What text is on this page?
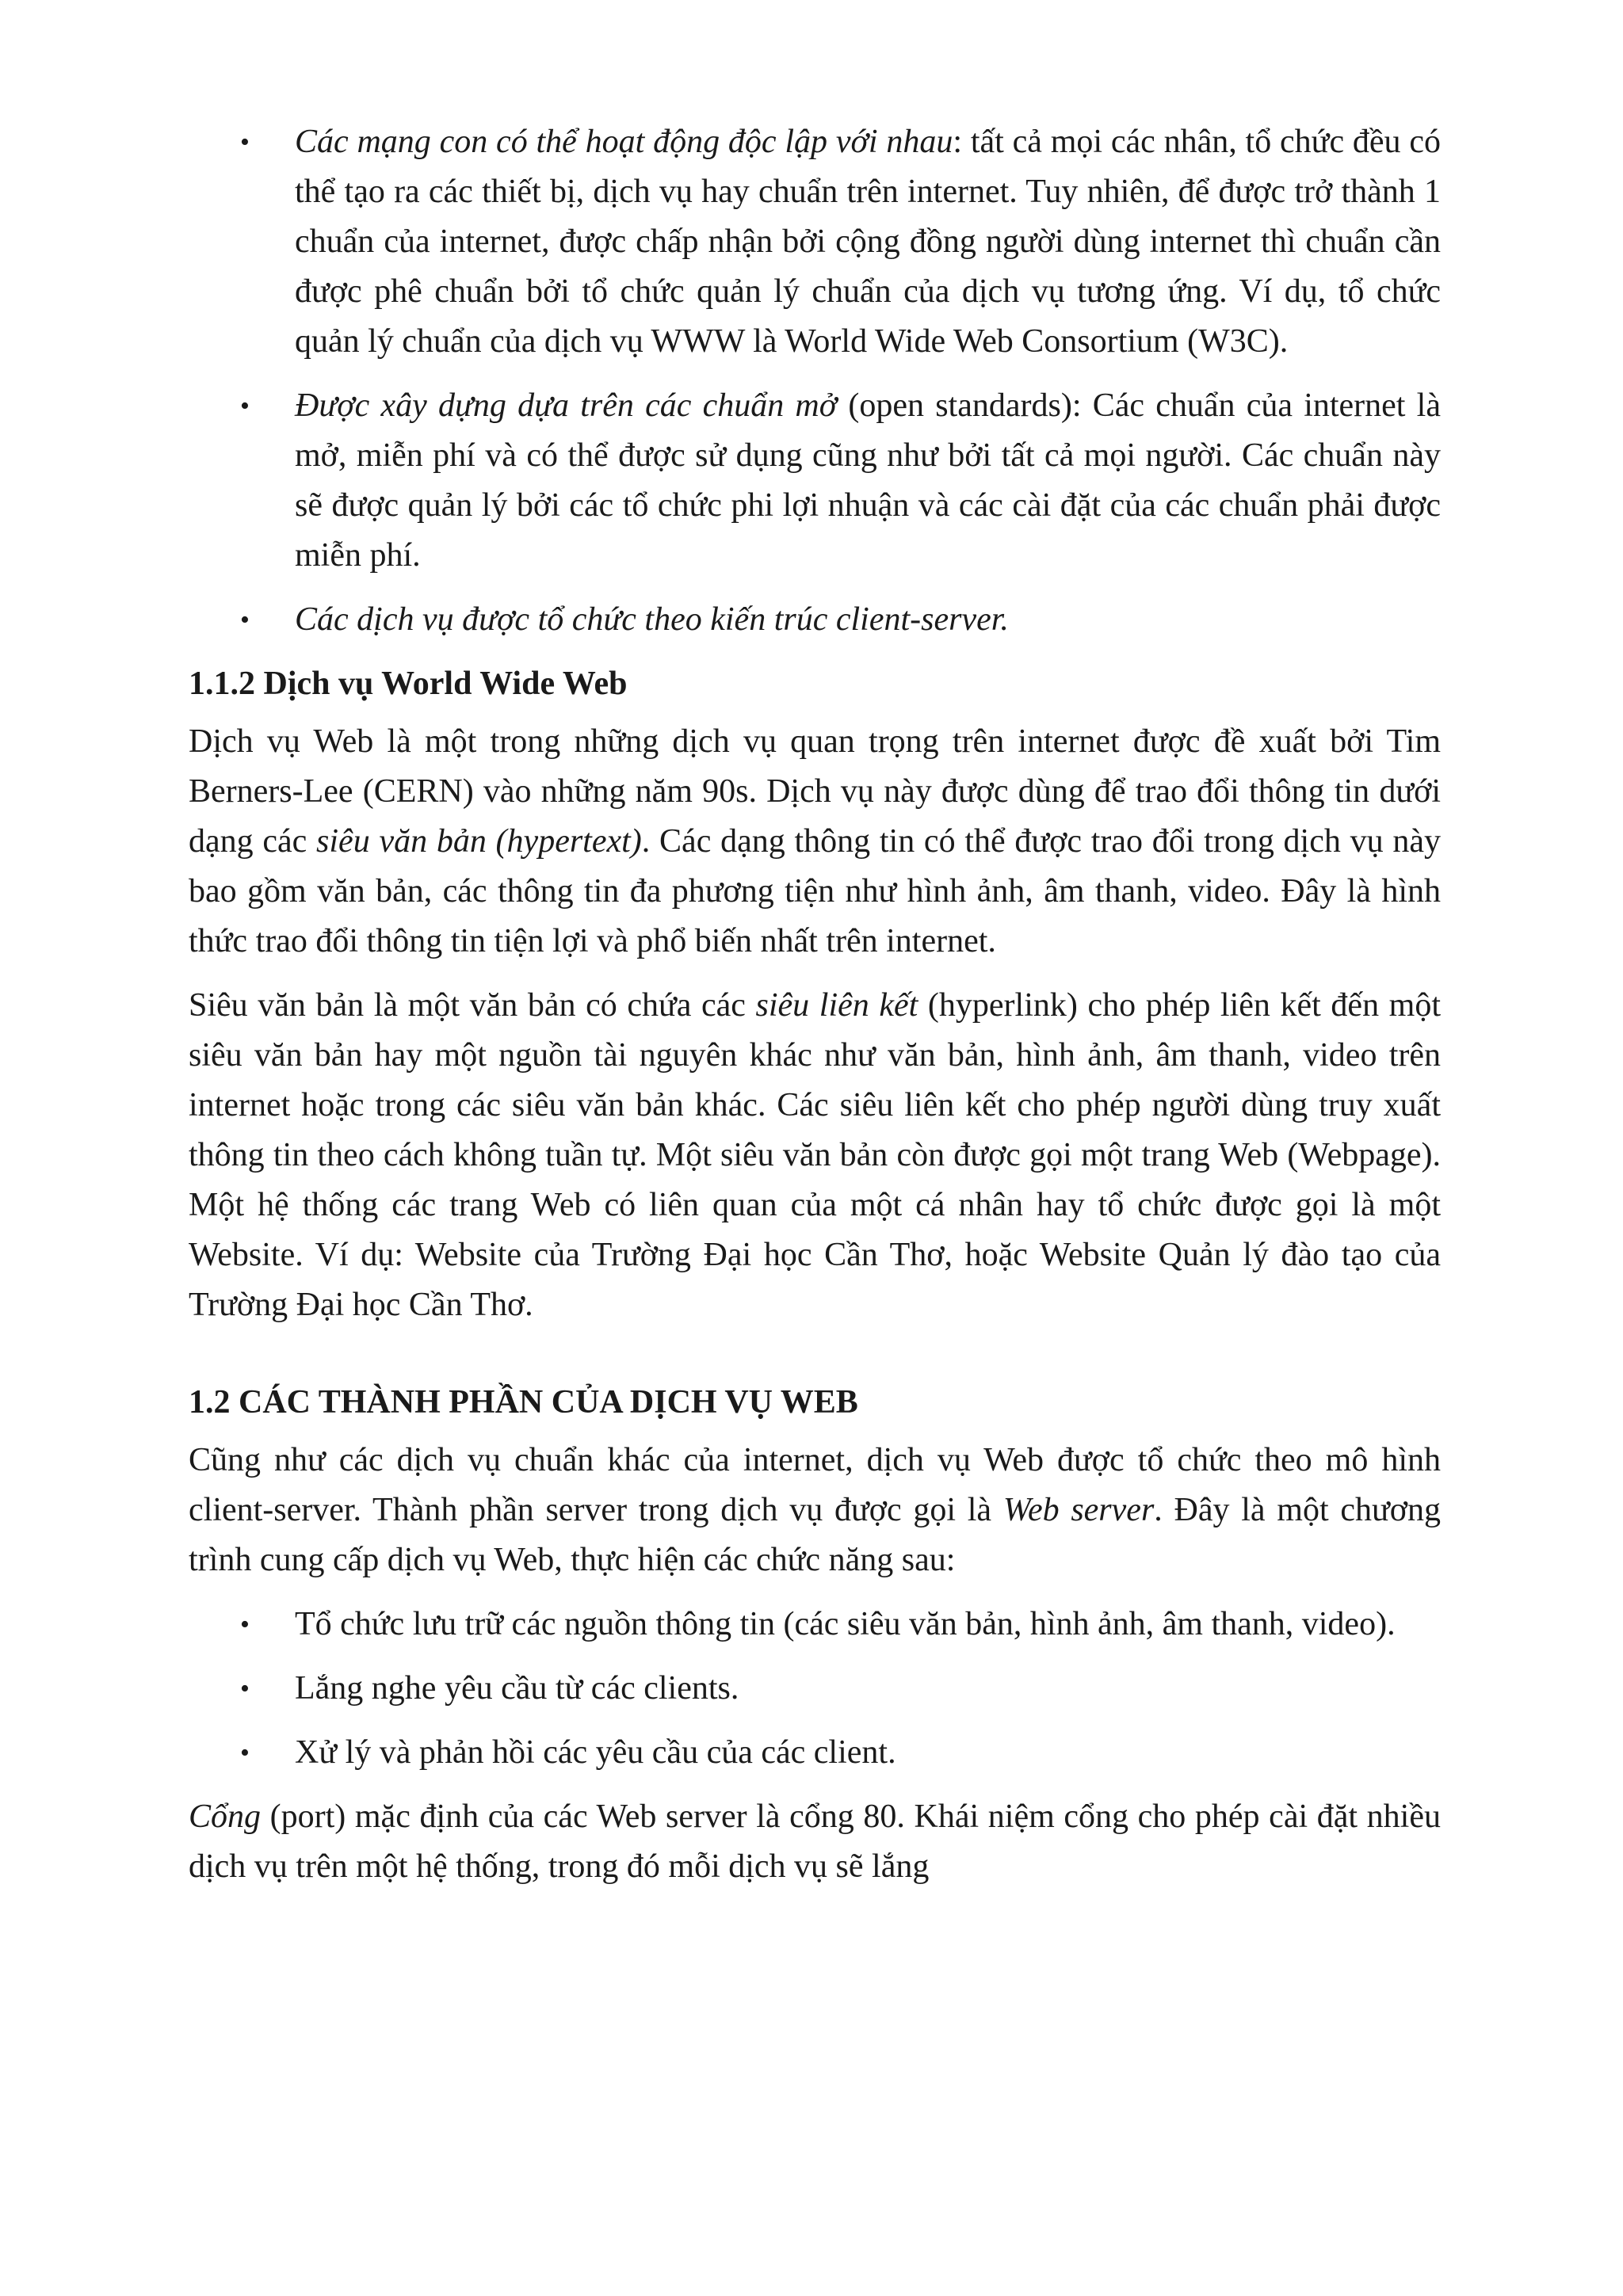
• Các mạng con có thể hoạt động độc lập với nhau: tất cả mọi các nhân, tổ chức đều có thể tạo ra các thiết bị, dịch vụ hay chuẩn trên internet. Tuy nhiên, để được trở thành 1 chuẩn của internet, được chấp nhận bởi cộng đồng người dùng internet thì chuẩn cần được phê chuẩn bởi tổ chức quản lý chuẩn của dịch vụ tương ứng. Ví dụ, tổ chức quản lý chuẩn của dịch vụ WWW là World Wide Web Consortium (W3C).
• Được xây dựng dựa trên các chuẩn mở (open standards): Các chuẩn của internet là mở, miễn phí và có thể được sử dụng cũng như bởi tất cả mọi người. Các chuẩn này sẽ được quản lý bởi các tổ chức phi lợi nhuận và các cài đặt của các chuẩn phải được miễn phí.
• Các dịch vụ được tổ chức theo kiến trúc client-server.
1.1.2 Dịch vụ World Wide Web

Dịch vụ Web là một trong những dịch vụ quan trọng trên internet được đề xuất bởi Tim Berners-Lee (CERN) vào những năm 90s. Dịch vụ này được dùng để trao đổi thông tin dưới dạng các siêu văn bản (hypertext). Các dạng thông tin có thể được trao đổi trong dịch vụ này bao gồm văn bản, các thông tin đa phương tiện như hình ảnh, âm thanh, video. Đây là hình thức trao đổi thông tin tiện lợi và phổ biến nhất trên internet.

Siêu văn bản là một văn bản có chứa các siêu liên kết (hyperlink) cho phép liên kết đến một siêu văn bản hay một nguồn tài nguyên khác như văn bản, hình ảnh, âm thanh, video trên internet hoặc trong các siêu văn bản khác. Các siêu liên kết cho phép người dùng truy xuất thông tin theo cách không tuần tự. Một siêu văn bản còn được gọi một trang Web (Webpage). Một hệ thống các trang Web có liên quan của một cá nhân hay tổ chức được gọi là một Website. Ví dụ: Website của Trường Đại học Cần Thơ, hoặc Website Quản lý đào tạo của Trường Đại học Cần Thơ.

1.2 CÁC THÀNH PHẦN CỦA DỊCH VỤ WEB

Cũng như các dịch vụ chuẩn khác của internet, dịch vụ Web được tổ chức theo mô hình client-server. Thành phần server trong dịch vụ được gọi là Web server. Đây là một chương trình cung cấp dịch vụ Web, thực hiện các chức năng sau:

• Tổ chức lưu trữ các nguồn thông tin (các siêu văn bản, hình ảnh, âm thanh, video).
• Lắng nghe yêu cầu từ các clients.
• Xử lý và phản hồi các yêu cầu của các client.

Cổng (port) mặc định của các Web server là cổng 80. Khái niệm cổng cho phép cài đặt nhiều dịch vụ trên một hệ thống, trong đó mỗi dịch vụ sẽ lắng
